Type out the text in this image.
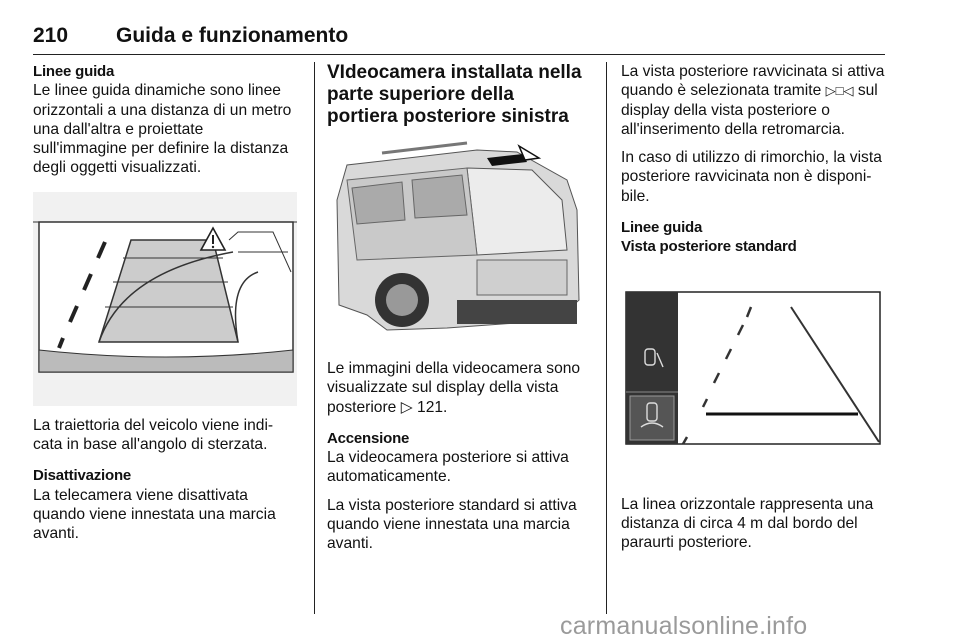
210 Guida e funzionamento
Linee guida

Le linee guida dinamiche sono linee orizzontali a una distanza di un metro una dall'altra e proiettate sull'immagine per definire la distanza degli oggetti visualizzati.

La traiettoria del veicolo viene indi-cata in base all'angolo di sterzata.

Disattivazione

La telecamera viene disattivata quando viene innestata una marcia avanti.

VIdeocamera installata nella parte superiore della portiera posteriore sinistra

Le immagini della videocamera sono visualizzate sul display della vista posteriore ▷ 121.

Accensione

La videocamera posteriore si attiva automaticamente.

La vista posteriore standard si attiva quando viene innestata una marcia avanti.

La vista posteriore ravvicinata si attiva quando è selezionata tramite ▷□◁ sul display della vista posteriore o all'inserimento della retromarcia.

In caso di utilizzo di rimorchio, la vista posteriore ravvicinata non è disponi-bile.

Linee guida
Vista posteriore standard

La linea orizzontale rappresenta una distanza di circa 4 m dal bordo del paraurti posteriore.

carmanualsonline.info
